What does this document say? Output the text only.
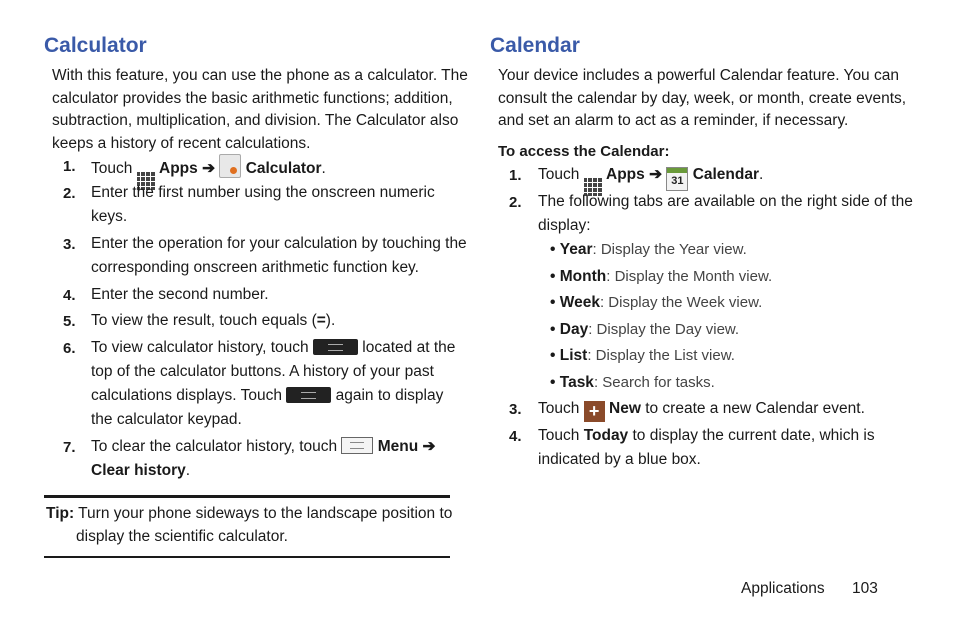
Calculator
With this feature, you can use the phone as a calculator. The
calculator provides the basic arithmetic functions; addition,
subtraction, multiplication, and division. The Calculator also
keeps a history of recent calculations.
1. Touch Apps ➔ Calculator.
2. Enter the first number using the onscreen numeric
keys.
3. Enter the operation for your calculation by touching the
corresponding onscreen arithmetic function key.
4. Enter the second number.
5. To view the result, touch equals (=).
6. To view calculator history, touch	located at the
top of the calculator buttons. A history of your past
calculations displays. Touch	again to display
the calculator keypad.
7. To clear the calculator history, touch	Menu ➔
Clear history.
Tip: Turn your phone sideways to the landscape position to
display the scientific calculator.
Calendar
Your device includes a powerful Calendar feature. You can
consult the calendar by day, week, or month, create events,
and set an alarm to act as a reminder, if necessary.
To access the Calendar:
1. Touch Apps ➔ 31 Calendar.
2. The following tabs are available on the right side of the
display:
• Year: Display the Year view.
• Month: Display the Month view.
• Week: Display the Week view.
• Day: Display the Day view.
• List: Display the List view.
• Task: Search for tasks.
3. Touch + New to create a new Calendar event.
4. Touch Today to display the current date, which is
indicated by a blue box.
Applications 103
